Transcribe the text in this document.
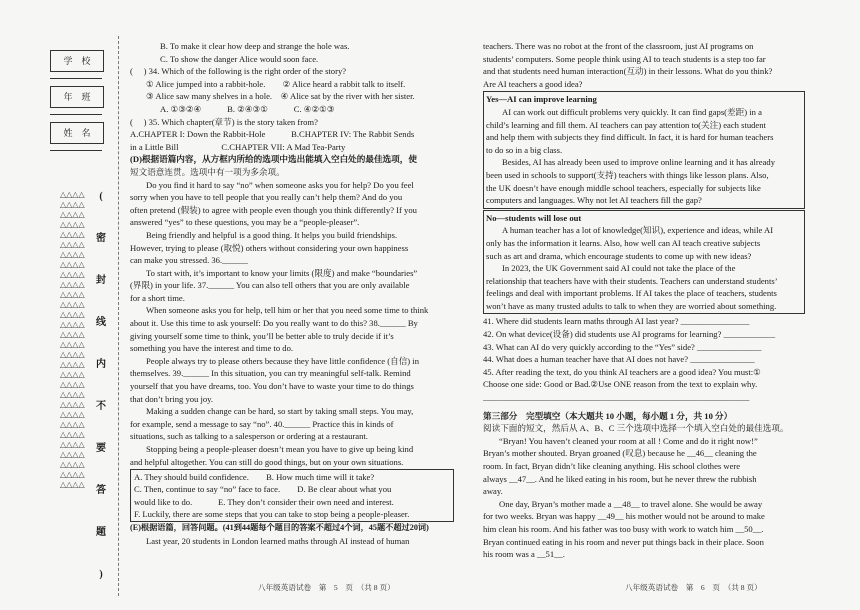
学　校
年　班
姓　名
△△△△
△△△△
△△△△
△△△△
△△△△
△△△△
△△△△
△△△△
△△△△
△△△△
△△△△
△△△△
△△△△
△△△△
△△△△
△△△△
△△△△
△△△△
△△△△
△△△△
△△△△
△△△△
△△△△
△△△△
△△△△
△△△△
△△△△
△△△△
△△△△
△△△△
(
密
封
线
内
不
要
答
题
)
B. To make it clear how deep and strange the hole was.
C. To show the danger Alice would soon face.
(　 ) 34. Which of the following is the right order of the story?
① Alice jumped into a rabbit-hole.　　② Alice heard a rabbit talk to itself.
③ Alice saw many shelves in a hole.　④ Alice sat by the river with her sister.
A. ①③②④　　　B. ②④③①　　　C. ④②①③
(　 ) 35. Which chapter(章节) is the story taken from?
A.CHAPTER I: Down the Rabbit-Hole　　　B.CHAPTER IV: The Rabbit Sends
in a Little Bill　　　　　C.CHAPTER VII: A Mad Tea-Party
(D)根据语篇内容，从方框内所给的选项中选出能填入空白处的最佳选项，使
短文语意连贯。选项中有一项为多余项。
Do you find it hard to say “no” when someone asks you for help? Do you feel
sorry when you have to tell people that you really can’t help them? And do you
often pretend (假装) to agree with people even though you think differently? If you
answered “yes” to these questions, you may be a “people-pleaser”.
Being friendly and helpful is a good thing. It helps you build friendships.
However, trying to please (取悦) others without considering your own happiness
can make you stressed. 36.______
To start with, it’s important to know your limits (限度) and make “boundaries”
(界限) in your life. 37.______ You can also tell others that you are only available
for a short time.
When someone asks you for help, tell him or her that you need some time to think
about it. Use this time to ask yourself: Do you really want to do this? 38.______ By
giving yourself some time to think, you’ll be better able to truly decide if it’s
something you have the interest and time to do.
People always try to please others because they have little confidence (自信) in
themselves. 39.______ In this situation, you can try meaningful self-talk. Remind
yourself that you have dreams, too. You don’t have to waste your time to do things
that don’t bring you joy.
Making a sudden change can be hard, so start by taking small steps. You may,
for example, send a message to say “no”. 40.______ Practice this in kinds of
situations, such as talking to a salesperson or ordering at a restaurant.
Stopping being a people-pleaser doesn’t mean you have to give up being kind
and helpful altogether. You can still do good things, but on your own situations.
A. They should build confidence.　　B. How much time will it take?
C. Then, continue to say “no” face to face.　　D. Be clear about what you
would like to do.　　　E. They don’t consider their own need and interest.
F. Luckily, there are some steps that you can take to stop being a people-pleaser.
(E)根据语篇，回答问题。(41到44题每个题目的答案不超过4个词，45题不超过20词)
Last year, 20 students in London learned maths through AI instead of human
teachers. There was no robot at the front of the classroom, just AI programs on
students’ computers. Some people think using AI to teach students is a step too far
and that students need human interaction(互动) in their lessons. What do you think?
Are AI teachers a good idea?
Yes—AI can improve learning
AI can work out difficult problems very quickly. It can find gaps(差距) in a
child’s learning and fill them. AI teachers can pay attention to(关注) each student
and help them with subjects they find difficult. In fact, it is hard for human teachers
to do so in a big class.
Besides, AI has already been used to improve online learning and it has already
been used in schools to support(支持) teachers with things like lesson plans. Also,
the UK doesn’t have enough middle school teachers, especially for subjects like
computers and languages. Why not let AI teachers fill the gap?
No—students will lose out
A human teacher has a lot of knowledge(知识), experience and ideas, while AI
only has the information it learns. Also, how well can AI teach creative subjects
such as art and drama, which encourage students to come up with new ideas?
In 2023, the UK Government said AI could not take the place of the
relationship that teachers have with their students. Teachers can understand students’
feelings and deal with important problems. If AI takes the place of teachers, students
won’t have as many trusted adults to talk to when they are worried about something.
41. Where did students learn maths through AI last year? ________________
42. On what device(设备) did students use AI programs for learning? ____________
43. What can AI do very quickly according to the “Yes” side? _______________
44. What does a human teacher have that AI does not have? _______________
45. After reading the text, do you think AI teachers are a good idea? You must:①
Choose one side: Good or Bad.②Use ONE reason from the text to explain why.
______________________________________________________________
第三部分　完型填空（本大题共 10 小题，每小题 1 分，共 10 分）
阅读下面的短文，然后从 A、B、C 三个选项中选择一个填入空白处的最佳选项。
“Bryan! You haven’t cleaned your room at all ! Come and do it right now!”
Bryan’s mother shouted. Bryan groaned (叹息) because he __46__ cleaning the
room. In fact, Bryan didn’t like cleaning anything. His school clothes were
always __47__. And he liked eating in his room, but he never threw the rubbish
away.
One day, Bryan’s mother made a __48__ to travel alone. She would be away
for two weeks. Bryan was happy __49__ his mother would not be around to make
him clean his room. And his father was too busy with work to watch him __50__.
Bryan continued eating in his room and never put things back in their place. Soon
his room was a __51__.
八年级英语试卷　第　5　页　（共 8 页）	八年级英语试卷　第　6　页　（共 8 页）
